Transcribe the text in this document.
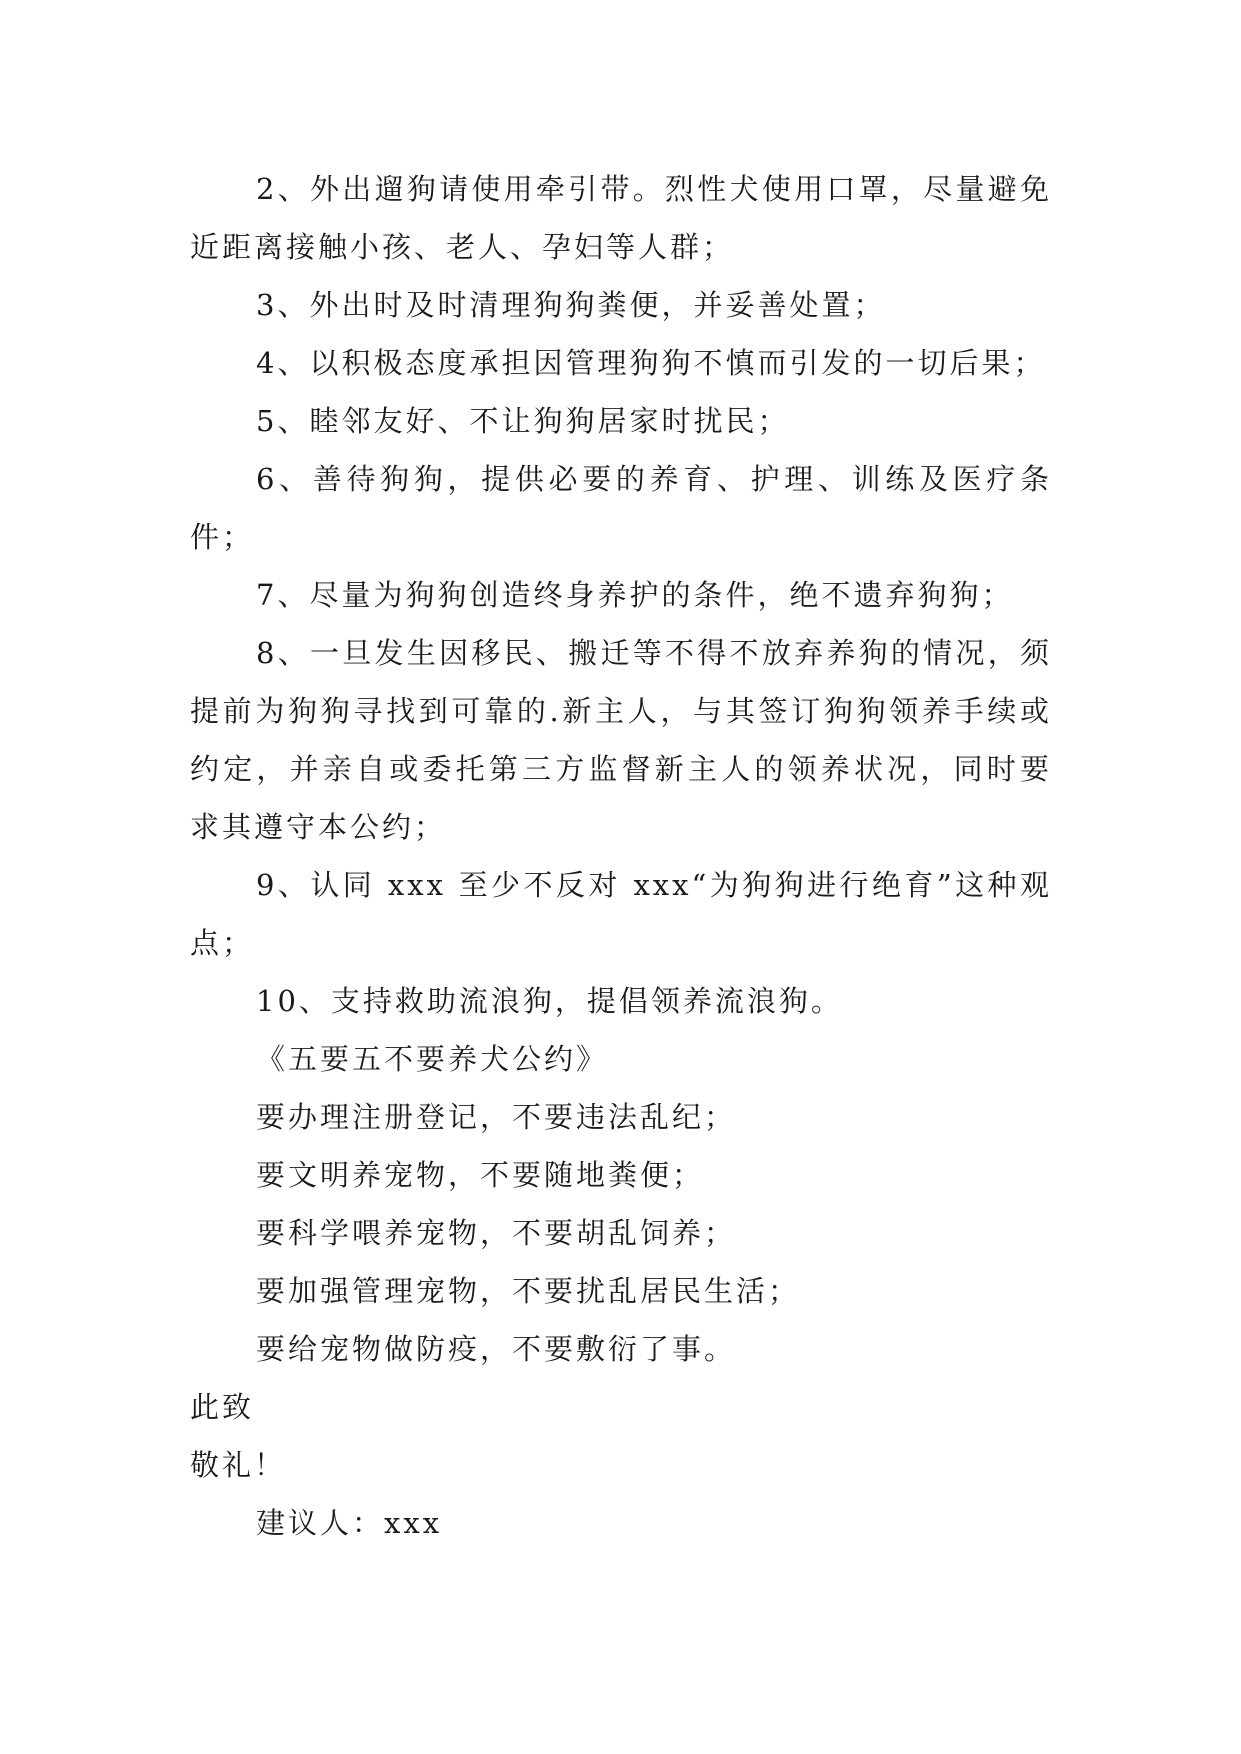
2、外出遛狗请使用牵引带。烈性犬使用口罩，尽量避免近距离接触小孩、老人、孕妇等人群；

3、外出时及时清理狗狗粪便，并妥善处置；

4、以积极态度承担因管理狗狗不慎而引发的一切后果；

5、睦邻友好、不让狗狗居家时扰民；

6、善待狗狗，提供必要的养育、护理、训练及医疗条件；

7、尽量为狗狗创造终身养护的条件，绝不遗弃狗狗；

8、一旦发生因移民、搬迁等不得不放弃养狗的情况，须提前为狗狗寻找到可靠的.新主人，与其签订狗狗领养手续或约定，并亲自或委托第三方监督新主人的领养状况，同时要求其遵守本公约；

9、认同 xxx 至少不反对 xxx“为狗狗进行绝育”这种观点；

10、支持救助流浪狗，提倡领养流浪狗。

《五要五不要养犬公约》

要办理注册登记，不要违法乱纪；

要文明养宠物，不要随地粪便；

要科学喂养宠物，不要胡乱饲养；

要加强管理宠物，不要扰乱居民生活；

要给宠物做防疫，不要敷衍了事。

此致

敬礼！

建议人：xxx
